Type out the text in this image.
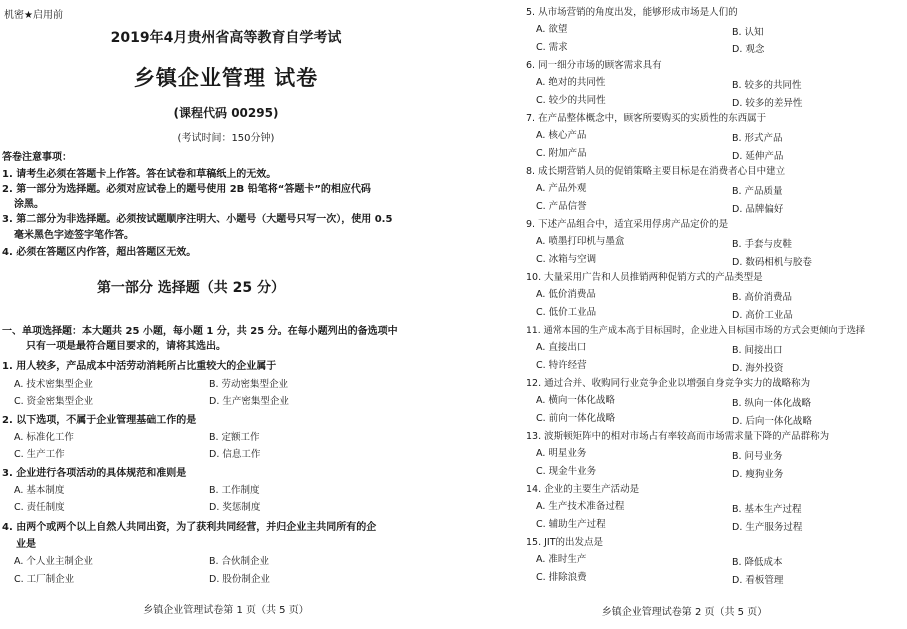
机密★启用前
2019年4月贵州省高等教育自学考试
乡镇企业管理 试卷
(课程代码 00295)
(考试时间：150分钟)
答卷注意事项：
1. 请考生必须在答题卡上作答。答在试卷和草稿纸上的无效。
2. 第一部分为选择题。必须对应试卷上的题号使用 2B 铅笔将“答题卡”的相应代码
涂黑。
3. 第二部分为非选择题。必须按试题顺序注明大、小题号（大题号只写一次），使用 0.5
毫米黑色字迹签字笔作答。
4. 必须在答题区内作答，超出答题区无效。
第一部分 选择题（共 25 分）
一、单项选择题：本大题共 25 小题，每小题 1 分，共 25 分。在每小题列出的备选项中
只有一项是最符合题目要求的，请将其选出。
1. 用人较多，产品成本中活劳动消耗所占比重较大的企业属于
A. 技术密集型企业	B. 劳动密集型企业
C. 资金密集型企业	D. 生产密集型企业
2. 以下选项，不属于企业管理基础工作的是
A. 标准化工作	B. 定额工作
C. 生产工作	D. 信息工作
3. 企业进行各项活动的具体规范和准则是
A. 基本制度	B. 工作制度
C. 责任制度	D. 奖惩制度
4. 由两个或两个以上自然人共同出资，为了获利共同经营，并归企业主共同所有的企
业是
A. 个人业主制企业	B. 合伙制企业
C. 工厂制企业	D. 股份制企业
乡镇企业管理试卷第 1 页（共 5 页）
5. 从市场营销的角度出发，能够形成市场是人们的
A. 欲望	B. 认知
C. 需求	D. 观念
6. 同一细分市场的顾客需求具有
A. 绝对的共同性	B. 较多的共同性
C. 较少的共同性	D. 较多的差异性
7. 在产品整体概念中，顾客所要购买的实质性的东西属于
A. 核心产品	B. 形式产品
C. 附加产品	D. 延伸产品
8. 成长期营销人员的促销策略主要目标是在消费者心目中建立
A. 产品外观	B. 产品质量
C. 产品信誉	D. 品牌偏好
9. 下述产品组合中，适宜采用俘虏产品定价的是
A. 喷墨打印机与墨盒	B. 手套与皮鞋
C. 冰箱与空调	D. 数码相机与胶卷
10. 大量采用广告和人员推销两种促销方式的产品类型是
A. 低价消费品	B. 高价消费品
C. 低价工业品	D. 高价工业品
11. 通常本国的生产成本高于目标国时，企业进入目标国市场的方式会更倾向于选择
A. 直接出口	B. 间接出口
C. 特许经营	D. 海外投资
12. 通过合并、收购同行业竞争企业以增强自身竞争实力的战略称为
A. 横向一体化战略	B. 纵向一体化战略
C. 前向一体化战略	D. 后向一体化战略
13. 波斯顿矩阵中的相对市场占有率较高而市场需求量下降的产品群称为
A. 明星业务	B. 问号业务
C. 现金牛业务	D. 瘦狗业务
14. 企业的主要生产活动是
A. 生产技术准备过程	B. 基本生产过程
C. 辅助生产过程	D. 生产服务过程
15. JIT的出发点是
A. 准时生产	B. 降低成本
C. 排除浪费	D. 看板管理
乡镇企业管理试卷第 2 页（共 5 页）
